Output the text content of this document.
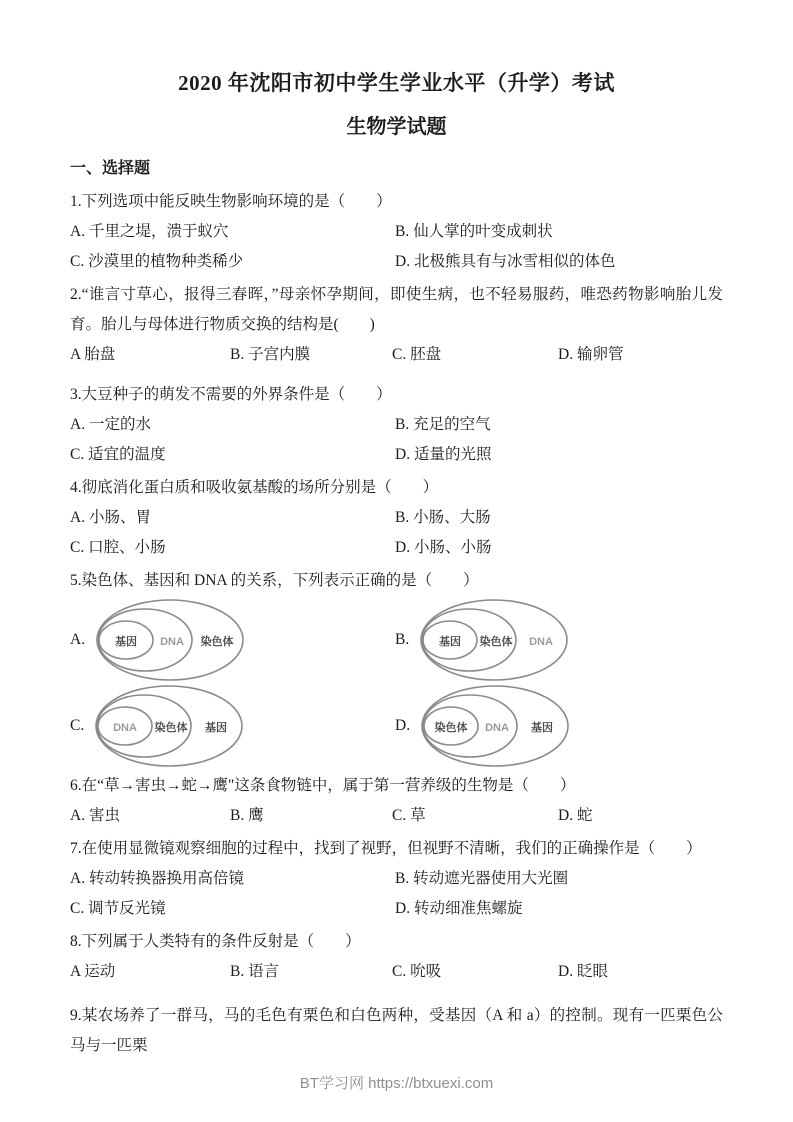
2020 年沈阳市初中学生学业水平（升学）考试
生物学试题
一、选择题

1.下列选项中能反映生物影响环境的是（　　）

A. 千里之堤，溃于蚁穴	B. 仙人掌的叶变成刺状
C. 沙漠里的植物种类稀少	D. 北极熊具有与冰雪相似的体色

2.“谁言寸草心，报得三春晖，”母亲怀孕期间，即使生病，也不轻易服药，唯恐药物影响胎儿发育。胎儿与母体进行物质交换的结构是(　　)

A 胎盘	B. 子宫内膜	C. 胚盘	D. 输卵管

3.大豆种子的萌发不需要的外界条件是（　　）

A. 一定的水	B. 充足的空气
C. 适宜的温度	D. 适量的光照

4.彻底消化蛋白质和吸收氨基酸的场所分别是（　　）

A. 小肠、胃	B. 小肠、大肠
C. 口腔、小肠	D. 小肠、小肠

5.染色体、基因和 DNA 的关系，下列表示正确的是（　　）

A.	基因 DNA 染色体	B.	基因 染色体 DNA
C.	DNA 染色体 基因	D. 染色体 DNA 基因

6.在“草→害虫→蛇→鹰"这条食物链中，属于第一营养级的生物是（　　）

A. 害虫	B. 鹰	C. 草	D. 蛇

7.在使用显微镜观察细胞的过程中，找到了视野，但视野不清晰，我们的正确操作是（　　）

A. 转动转换器换用高倍镜	B. 转动遮光器使用大光圈
C. 调节反光镜	D. 转动细准焦螺旋

8.下列属于人类特有的条件反射是（　　）

A 运动	B. 语言	C. 吮吸	D. 眨眼

9.某农场养了一群马，马的毛色有栗色和白色两种，受基因（A 和 a）的控制。现有一匹栗色公马与一匹栗

BT学习网 https://btxuexi.com
